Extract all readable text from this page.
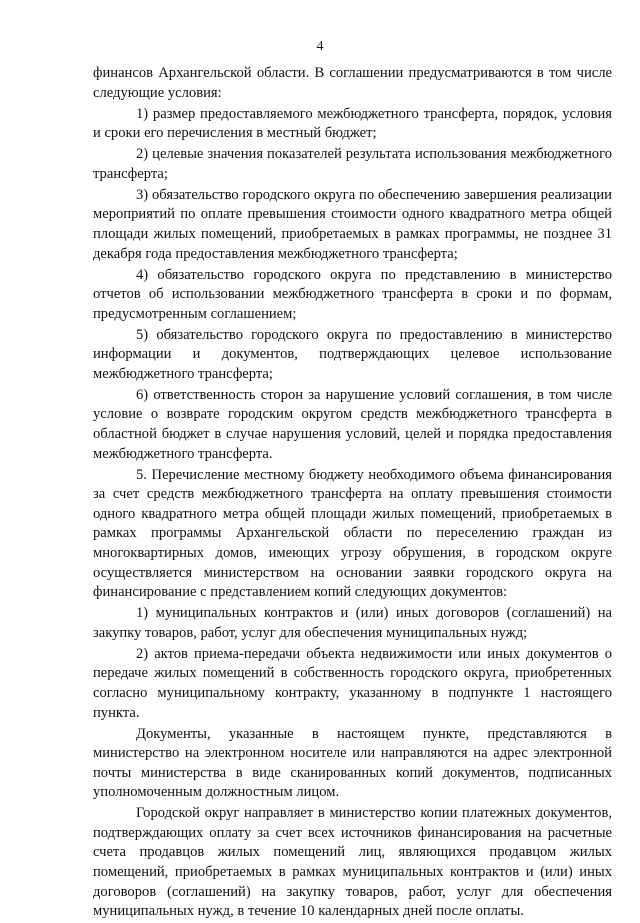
4

финансов Архангельской области. В соглашении предусматриваются в том числе следующие условия:

1) размер предоставляемого межбюджетного трансферта, порядок, условия и сроки его перечисления в местный бюджет;

2) целевые значения показателей результата использования межбюджетного трансферта;

3) обязательство городского округа по обеспечению завершения реализации мероприятий по оплате превышения стоимости одного квадратного метра общей площади жилых помещений, приобретаемых в рамках программы, не позднее 31 декабря года предоставления межбюджетного трансферта;

4) обязательство городского округа по представлению в министерство отчетов об использовании межбюджетного трансферта в сроки и по формам, предусмотренным соглашением;

5) обязательство городского округа по предоставлению в министерство информации и документов, подтверждающих целевое использование межбюджетного трансферта;

6) ответственность сторон за нарушение условий соглашения, в том числе условие о возврате городским округом средств межбюджетного трансферта в областной бюджет в случае нарушения условий, целей и порядка предоставления межбюджетного трансферта.

5. Перечисление местному бюджету необходимого объема финансирования за счет средств межбюджетного трансферта на оплату превышения стоимости одного квадратного метра общей площади жилых помещений, приобретаемых в рамках программы Архангельской области по переселению граждан из многоквартирных домов, имеющих угрозу обрушения, в городском округе осуществляется министерством на основании заявки городского округа на финансирование с представлением копий следующих документов:

1) муниципальных контрактов и (или) иных договоров (соглашений) на закупку товаров, работ, услуг для обеспечения муниципальных нужд;

2) актов приема-передачи объекта недвижимости или иных документов о передаче жилых помещений в собственность городского округа, приобретенных согласно муниципальному контракту, указанному в подпункте 1 настоящего пункта.

Документы, указанные в настоящем пункте, представляются в министерство на электронном носителе или направляются на адрес электронной почты министерства в виде сканированных копий документов, подписанных уполномоченным должностным лицом.

Городской округ направляет в министерство копии платежных документов, подтверждающих оплату за счет всех источников финансирования на расчетные счета продавцов жилых помещений лиц, являющихся продавцом жилых помещений, приобретаемых в рамках муниципальных контрактов и (или) иных договоров (соглашений) на закупку товаров, работ, услуг для обеспечения муниципальных нужд, в течение 10 календарных дней после оплаты.
